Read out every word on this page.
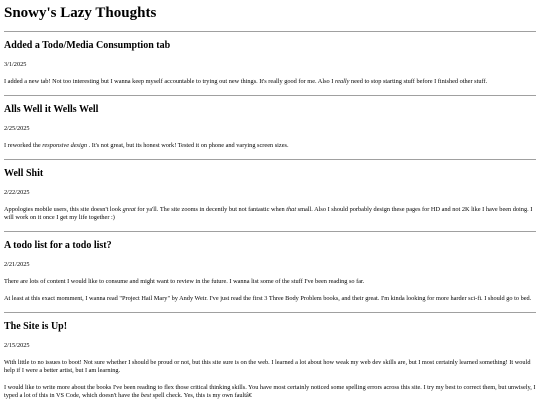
Snowy's Lazy Thoughts
Added a Todo/Media Consumption tab
3/1/2025

I added a new tab! Not too interesting but I wanna keep myself accountable to trying out new things. It's really good for me. Also I really need to stop starting stuff before I finished other stuff.

Alls Well it Wells Well
2/25/2025

I reworked the responsive design . It's not great, but its honest work! Tested it on phone and varying screen sizes.

Well Shit
2/22/2025

Appologies mobile users, this site doesn't look great for ya'll. The site zooms in decently but not fantastic when that small. Also I should porbably design these pages for HD and not 2K like I have been doing. I will work on it once I get my life together :)

A todo list for a todo list?
2/21/2025

There are lots of content I would like to consume and might want to review in the future. I wanna list some of the stuff I've been reading so far.

At least at this exact momment, I wanna read "Project Hail Mary" by Andy Weir. I've just read the first 3 Three Body Problem books, and their great. I'm kinda looking for more harder sci-fi. I should go to bed.

The Site is Up!
2/15/2025

With little to no issues to boot! Not sure whether I should be proud or not, but this site sure is on the web. I learned a lot about how weak my web dev skills are, but I most certainly learned something! It would help if I were a better artist, but I am learning.

I would like to write more about the books I've been reading to flex those critical thinking skills. You have most certainly noticed some spelling errors across this site. I try my best to correct them, but unwisely, I typed a lot of this in VS Code, which doesn't have the best spell check. Yes, this is my own faultâ€
